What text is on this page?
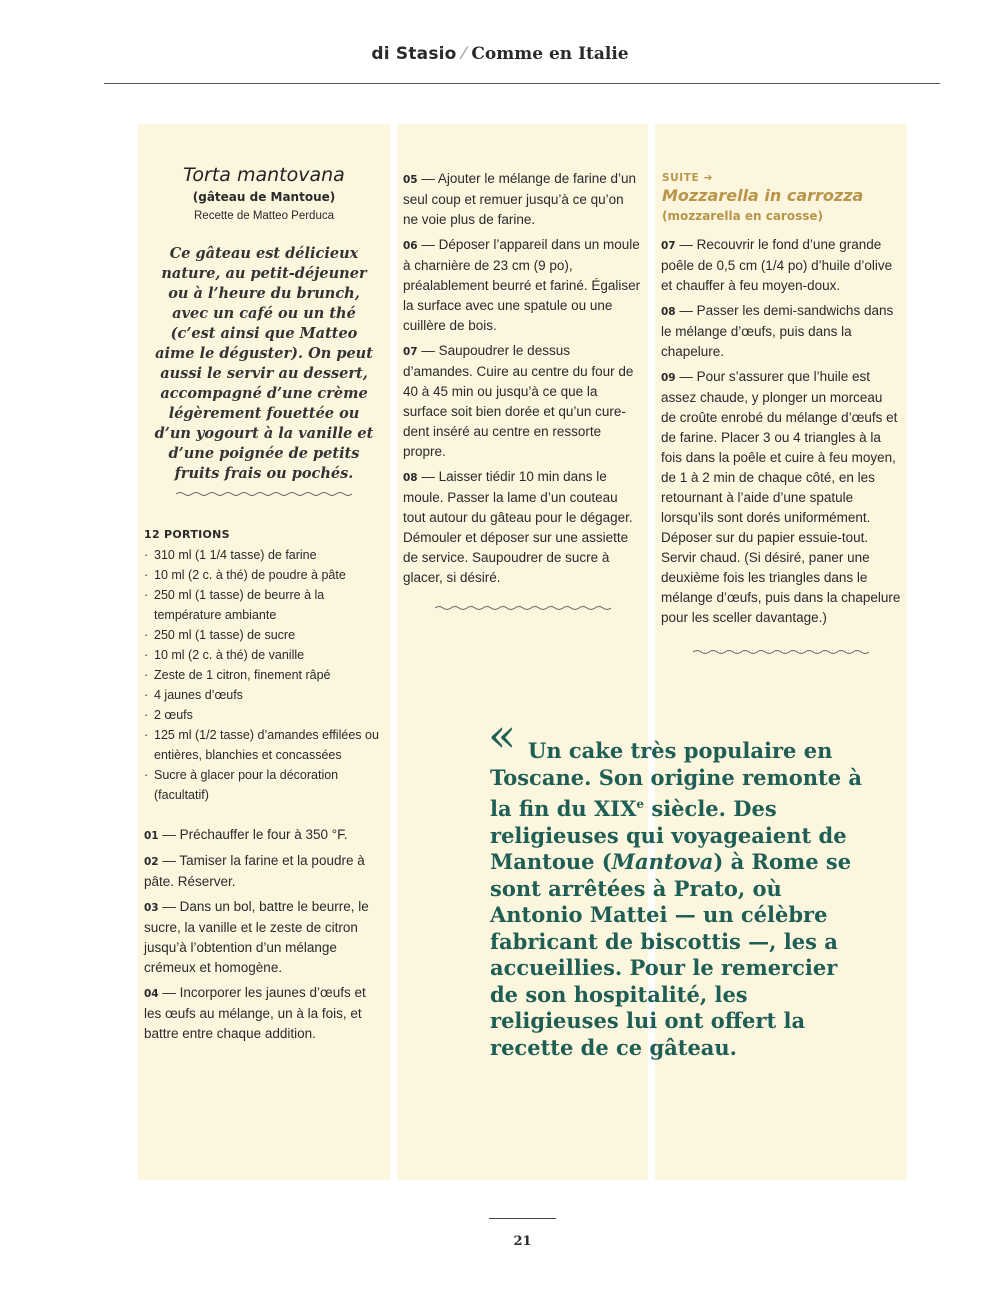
di Stasio ⁄ Comme en Italie
Torta mantovana
(gâteau de Mantoue)
Recette de Matteo Perduca
Ce gâteau est délicieux nature, au petit-déjeuner ou à l’heure du brunch, avec un café ou un thé (c’est ainsi que Matteo aime le déguster). On peut aussi le servir au dessert, accompagné d’une crème légèrement fouettée ou d’un yogourt à la vanille et d’une poignée de petits fruits frais ou pochés.
12 PORTIONS
· 310 ml (1 1/4 tasse) de farine
· 10 ml (2 c. à thé) de poudre à pâte
· 250 ml (1 tasse) de beurre à la température ambiante
· 250 ml (1 tasse) de sucre
· 10 ml (2 c. à thé) de vanille
· Zeste de 1 citron, finement râpé
· 4 jaunes d’œufs
· 2 œufs
· 125 ml (1/2 tasse) d’amandes effilées ou entières, blanchies et concassées
· Sucre à glacer pour la décoration (facultatif)
01 — Préchauffer le four à 350 °F.
02 — Tamiser la farine et la poudre à pâte. Réserver.
03 — Dans un bol, battre le beurre, le sucre, la vanille et le zeste de citron jusqu’à l’obtention d’un mélange crémeux et homogène.
04 — Incorporer les jaunes d’œufs et les œufs au mélange, un à la fois, et battre entre chaque addition.
05 — Ajouter le mélange de farine d’un seul coup et remuer jusqu’à ce qu’on ne voie plus de farine.
06 — Déposer l’appareil dans un moule à charnière de 23 cm (9 po), préalablement beurré et fariné. Égaliser la surface avec une spatule ou une cuillère de bois.
07 — Saupoudrer le dessus d’amandes. Cuire au centre du four de 40 à 45 min ou jusqu’à ce que la surface soit bien dorée et qu’un cure-dent inséré au centre en ressorte propre.
08 — Laisser tiédir 10 min dans le moule. Passer la lame d’un couteau tout autour du gâteau pour le dégager. Démouler et déposer sur une assiette de service. Saupoudrer de sucre à glacer, si désiré.
SUITE ➔
Mozzarella in carrozza
(mozzarella en carosse)
07 — Recouvrir le fond d’une grande poêle de 0,5 cm (1/4 po) d’huile d’olive et chauffer à feu moyen-doux.
08 — Passer les demi-sandwichs dans le mélange d’œufs, puis dans la chapelure.
09 — Pour s’assurer que l’huile est assez chaude, y plonger un morceau de croûte enrobé du mélange d’œufs et de farine. Placer 3 ou 4 triangles à la fois dans la poêle et cuire à feu moyen, de 1 à 2 min de chaque côté, en les retournant à l’aide d’une spatule lorsqu’ils sont dorés uniformément. Déposer sur du papier essuie-tout. Servir chaud. (Si désiré, paner une deuxième fois les triangles dans le mélange d’œufs, puis dans la chapelure pour les sceller davantage.)
« Un cake très populaire en Toscane. Son origine remonte à la fin du XIXe siècle. Des religieuses qui voyageaient de Mantoue (Mantova) à Rome se sont arrêtées à Prato, où Antonio Mattei — un célèbre fabricant de biscottis —, les a accueillies. Pour le remercier de son hospitalité, les religieuses lui ont offert la recette de ce gâteau.
21
